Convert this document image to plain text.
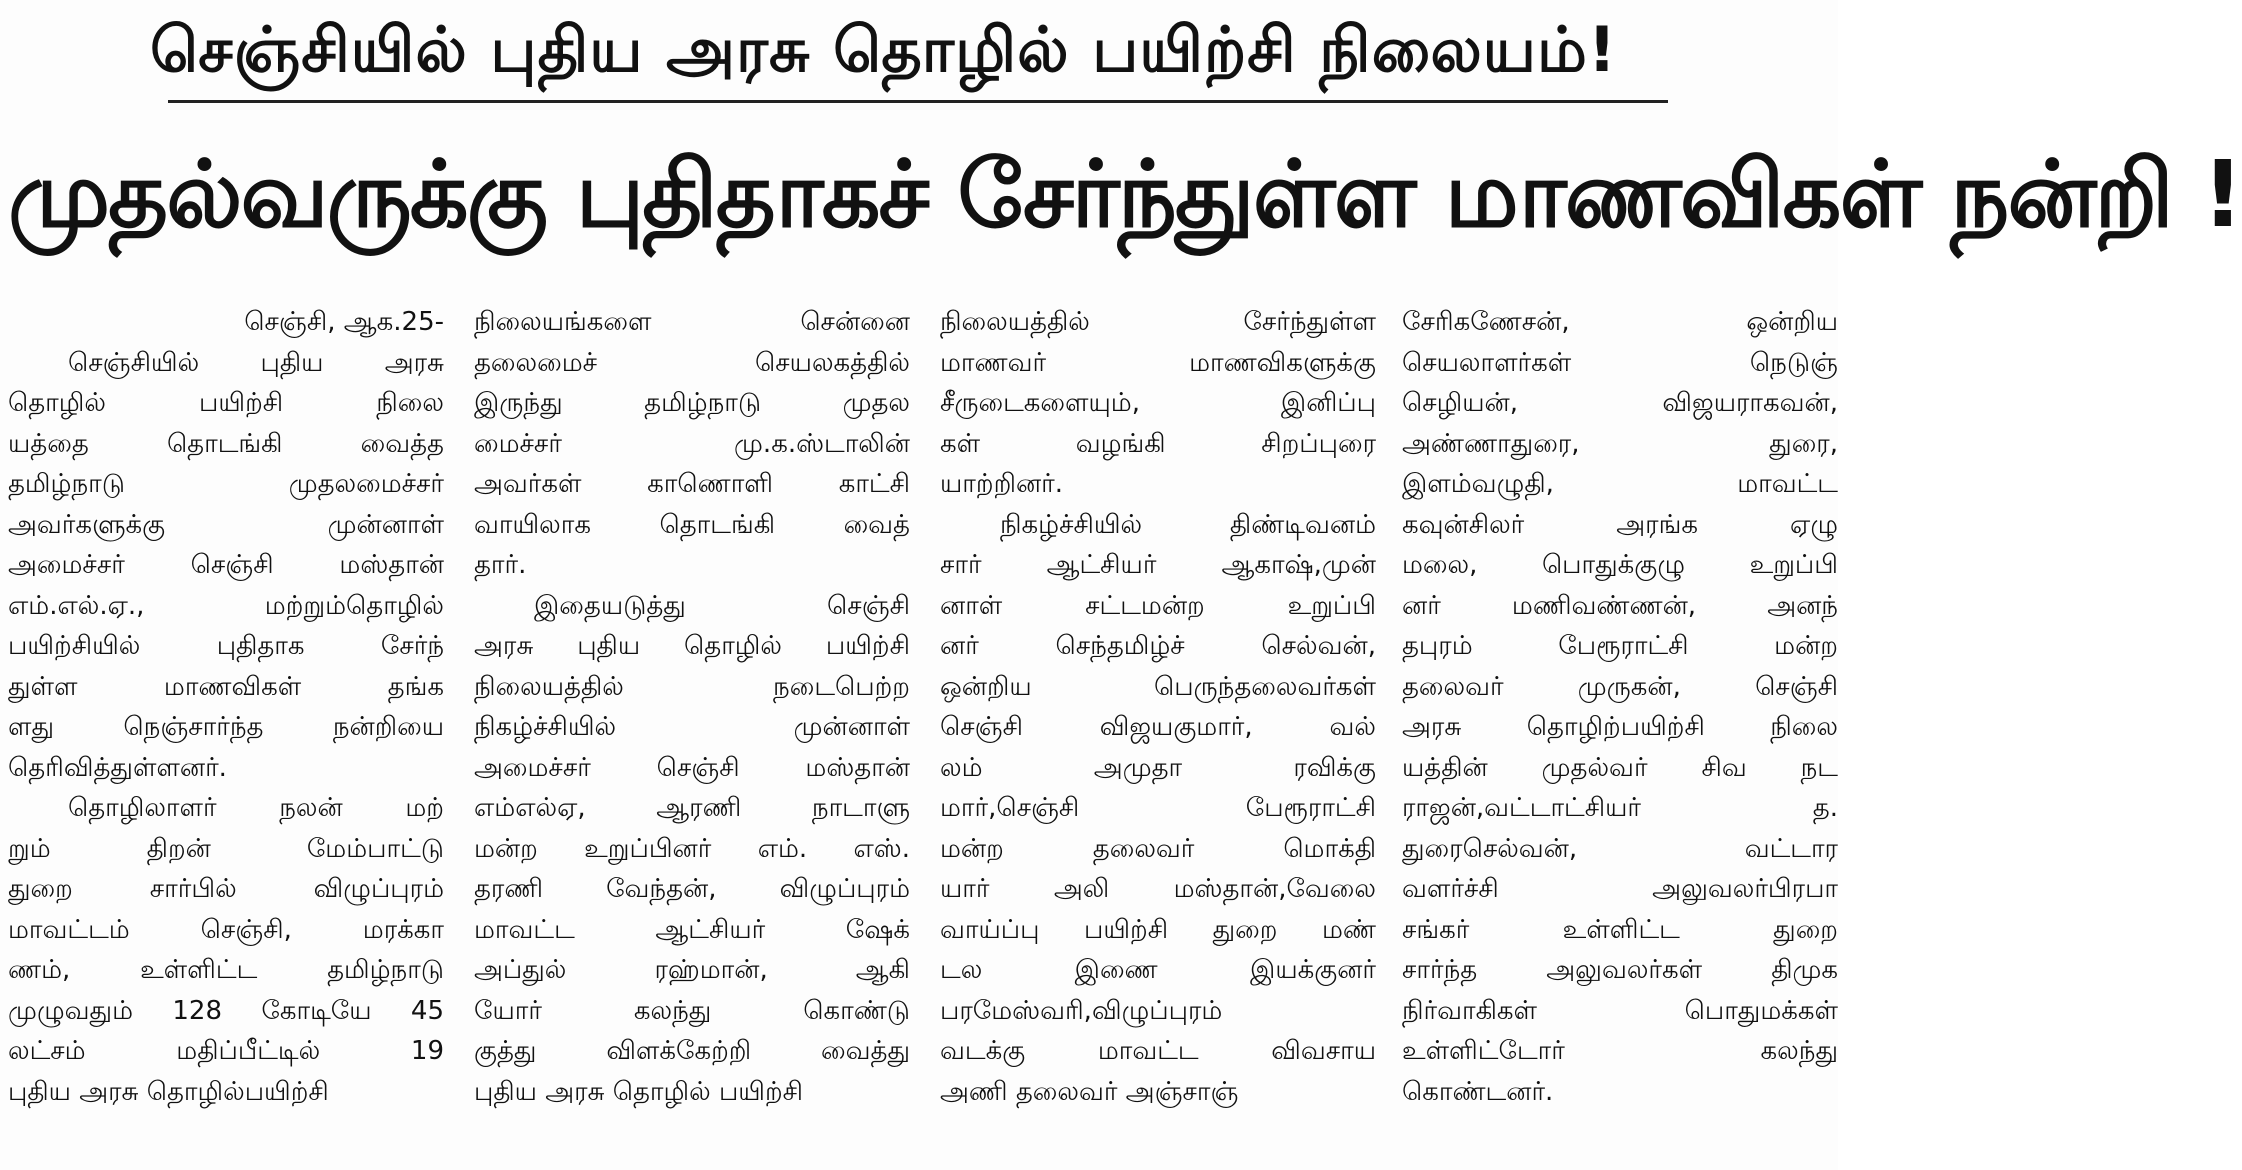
செஞ்சியில் புதிய அரசு தொழில் பயிற்சி நிலையம்!
முதல்வருக்கு புதிதாகச் சேர்ந்துள்ள மாணவிகள் நன்றி !
செஞ்சி, ஆக.25-
செஞ்சியில் புதிய அரசு
தொழில் பயிற்சி நிலை
யத்தை தொடங்கி வைத்த
தமிழ்நாடு முதலமைச்சர்
அவர்களுக்கு முன்னாள்
அமைச்சர் செஞ்சி மஸ்தான்
எம்.எல்.ஏ., மற்றும்தொழில்
பயிற்சியில் புதிதாக சேர்ந்
துள்ள மாணவிகள் தங்க
ளது நெஞ்சார்ந்த நன்றியை
தெரிவித்துள்ளனர்.
தொழிலாளர் நலன் மற்
றும் திறன் மேம்பாட்டு
துறை சார்பில் விழுப்புரம்
மாவட்டம் செஞ்சி, மரக்கா
ணம், உள்ளிட்ட தமிழ்நாடு
முழுவதும் 128 கோடியே 45
லட்சம் மதிப்பீட்டில் 19
புதிய அரசு தொழில்பயிற்சி
நிலையங்களை சென்னை
தலைமைச் செயலகத்தில்
இருந்து தமிழ்நாடு முதல
மைச்சர் மு.க.ஸ்டாலின்
அவர்கள் காணொளி காட்சி
வாயிலாக தொடங்கி வைத்
தார்.
இதையடுத்து செஞ்சி
அரசு புதிய தொழில் பயிற்சி
நிலையத்தில் நடைபெற்ற
நிகழ்ச்சியில் முன்னாள்
அமைச்சர் செஞ்சி மஸ்தான்
எம்எல்ஏ, ஆரணி நாடாளு
மன்ற உறுப்பினர் எம். எஸ்.
தரணி வேந்தன், விழுப்புரம்
மாவட்ட ஆட்சியர் ஷேக்
அப்துல் ரஹ்மான், ஆகி
யோர் கலந்து கொண்டு
குத்து விளக்கேற்றி வைத்து
புதிய அரசு தொழில் பயிற்சி
நிலையத்தில் சேர்ந்துள்ள
மாணவர் மாணவிகளுக்கு
சீருடைகளையும், இனிப்பு
கள் வழங்கி சிறப்புரை
யாற்றினர்.
நிகழ்ச்சியில் திண்டிவனம்
சார் ஆட்சியர் ஆகாஷ்,முன்
னாள் சட்டமன்ற உறுப்பி
னர் செந்தமிழ்ச் செல்வன்,
ஒன்றிய பெருந்தலைவர்கள்
செஞ்சி விஜயகுமார், வல்
லம் அமுதா ரவிக்கு
மார்,செஞ்சி பேரூராட்சி
மன்ற தலைவர் மொக்தி
யார் அலி மஸ்தான்,வேலை
வாய்ப்பு பயிற்சி துறை மண்
டல இணை இயக்குனர்
பரமேஸ்வரி,விழுப்புரம்
வடக்கு மாவட்ட விவசாய
அணி தலைவர் அஞ்சாஞ்
சேரிகணேசன், ஒன்றிய
செயலாளர்கள் நெடுஞ்
செழியன், விஜயராகவன்,
அண்ணாதுரை, துரை,
இளம்வழுதி, மாவட்ட
கவுன்சிலர் அரங்க ஏழு
மலை, பொதுக்குழு உறுப்பி
னர் மணிவண்ணன், அனந்
தபுரம் பேரூராட்சி மன்ற
தலைவர் முருகன், செஞ்சி
அரசு தொழிற்பயிற்சி நிலை
யத்தின் முதல்வர் சிவ நட
ராஜன்,வட்டாட்சியர் த.
துரைசெல்வன், வட்டார
வளர்ச்சி அலுவலர்பிரபா
சங்கர் உள்ளிட்ட துறை
சார்ந்த அலுவலர்கள் திமுக
நிர்வாகிகள் பொதுமக்கள்
உள்ளிட்டோர் கலந்து
கொண்டனர்.
